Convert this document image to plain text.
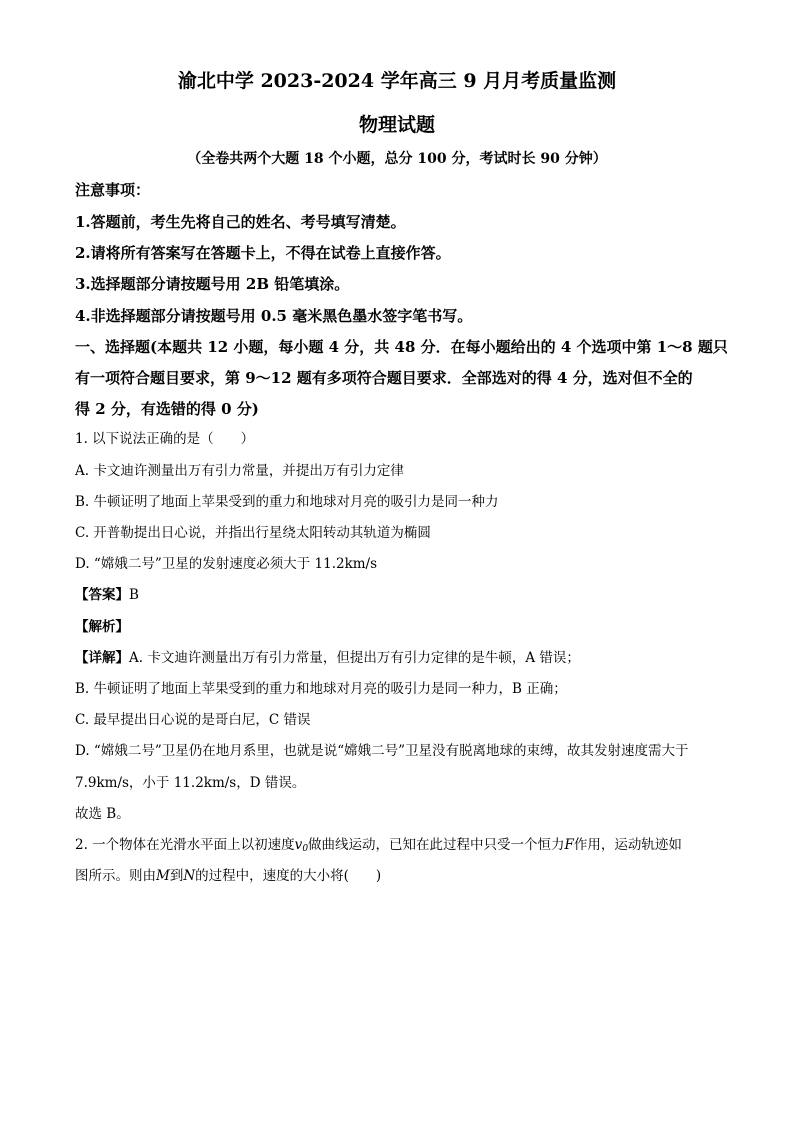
渝北中学 2023-2024 学年高三 9 月月考质量监测
物理试题
（全卷共两个大题 18 个小题，总分 100 分，考试时长 90 分钟）
注意事项：
1.答题前，考生先将自己的姓名、考号填写清楚。
2.请将所有答案写在答题卡上，不得在试卷上直接作答。
3.选择题部分请按题号用 2B 铅笔填涂。
4.非选择题部分请按题号用 0.5 毫米黑色墨水签字笔书写。
一、选择题(本题共 12 小题，每小题 4 分，共 48 分．在每小题给出的 4 个选项中第 1～8 题只
有一项符合题目要求，第 9～12 题有多项符合题目要求．全部选对的得 4 分，选对但不全的
得 2 分，有选错的得 0 分)
1. 以下说法正确的是（　　）
A. 卡文迪许测量出万有引力常量，并提出万有引力定律
B. 牛顿证明了地面上苹果受到的重力和地球对月亮的吸引力是同一种力
C. 开普勒提出日心说，并指出行星绕太阳转动其轨道为椭圆
D. “嫦娥二号”卫星的发射速度必须大于 11.2km/s
【答案】B
【解析】
【详解】A. 卡文迪许测量出万有引力常量，但提出万有引力定律的是牛顿，A 错误；
B. 牛顿证明了地面上苹果受到的重力和地球对月亮的吸引力是同一种力，B 正确；
C. 最早提出日心说的是哥白尼，C 错误
D. “嫦娥二号”卫星仍在地月系里，也就是说“嫦娥二号”卫星没有脱离地球的束缚，故其发射速度需大于
7.9km/s，小于 11.2km/s，D 错误。
故选 B。
2. 一个物体在光滑水平面上以初速度$v_0$做曲线运动，已知在此过程中只受一个恒力F作用，运动轨迹如
图所示。则由M到N的过程中，速度的大小将(　　)
